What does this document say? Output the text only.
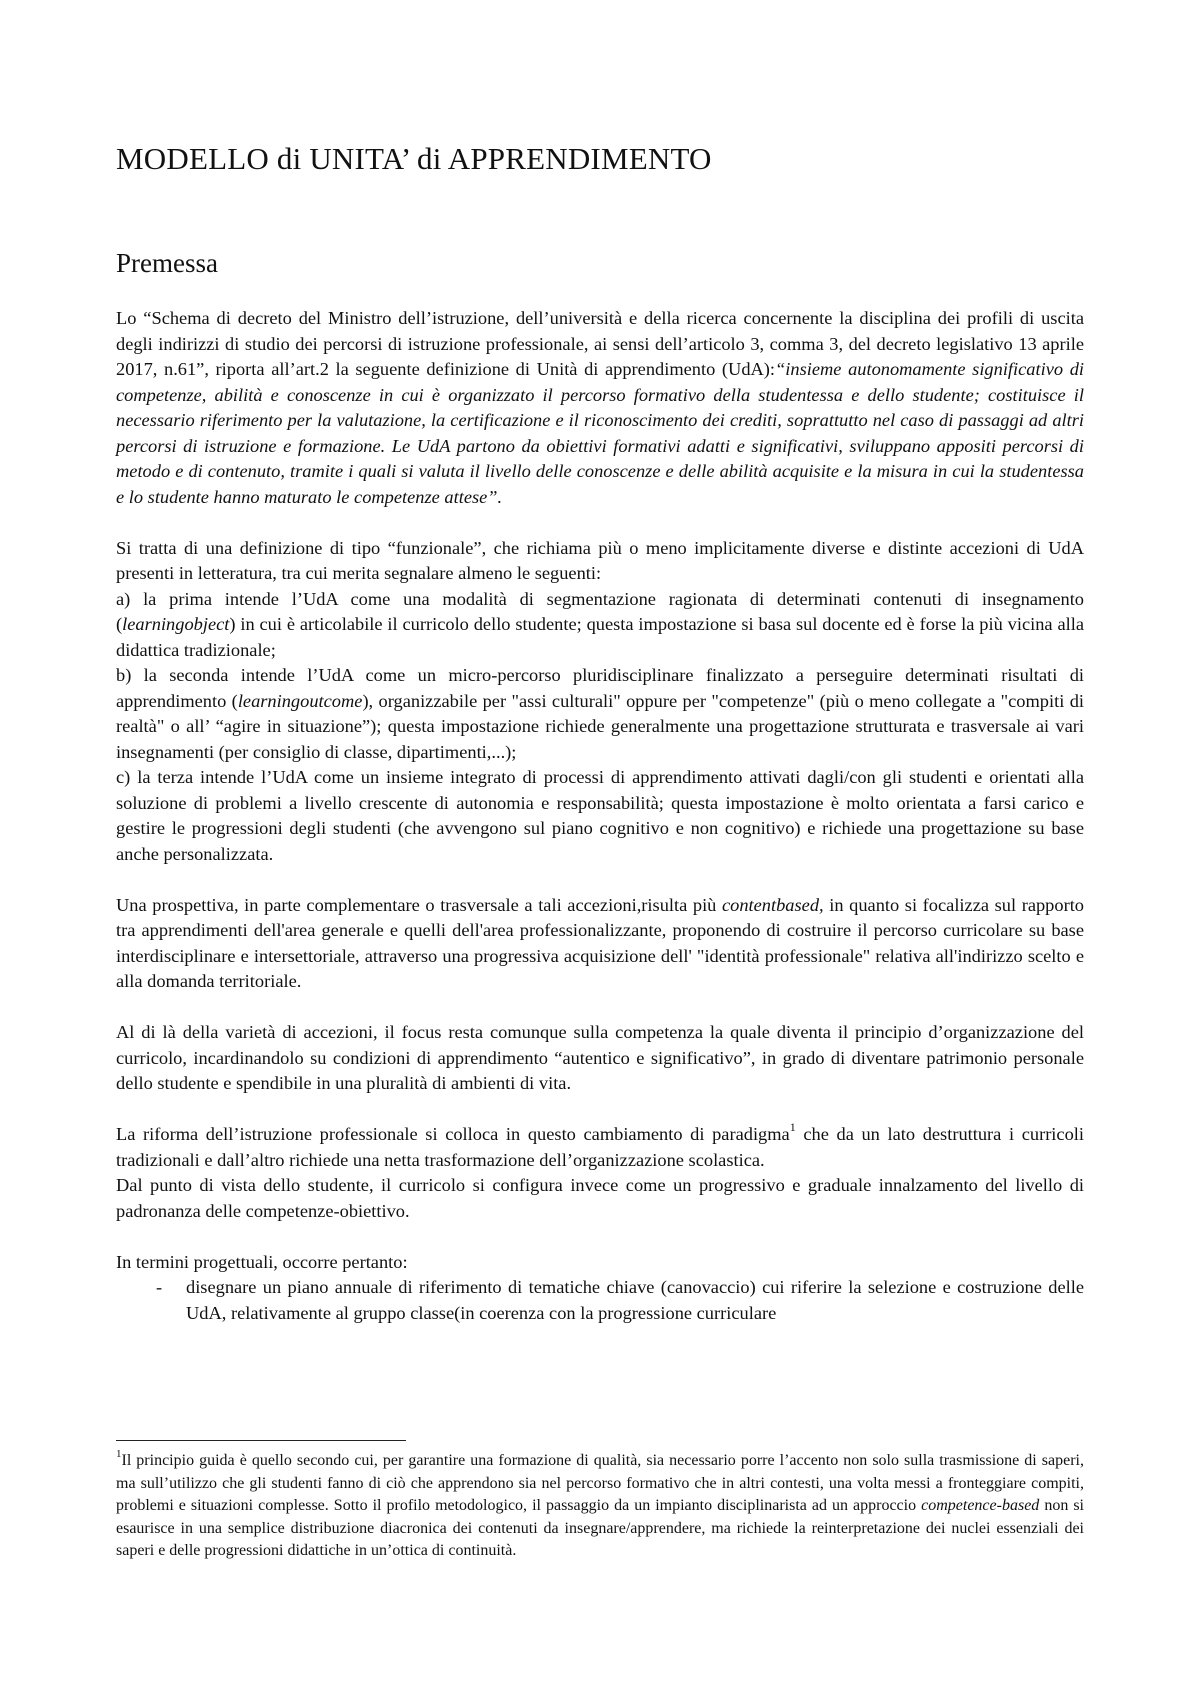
MODELLO di UNITA’ di APPRENDIMENTO
Premessa

Lo “Schema di decreto del Ministro dell’istruzione, dell’università e della ricerca concernente la disciplina dei profili di uscita degli indirizzi di studio dei percorsi di istruzione professionale, ai sensi dell’articolo 3, comma 3, del decreto legislativo 13 aprile 2017, n.61”, riporta all’art.2 la seguente definizione di Unità di apprendimento (UdA):“insieme autonomamente significativo di competenze, abilità e conoscenze in cui è organizzato il percorso formativo della studentessa e dello studente; costituisce il necessario riferimento per la valutazione, la certificazione e il riconoscimento dei crediti, soprattutto nel caso di passaggi ad altri percorsi di istruzione e formazione. Le UdA partono da obiettivi formativi adatti e significativi, sviluppano appositi percorsi di metodo e di contenuto, tramite i quali si valuta il livello delle conoscenze e delle abilità acquisite e la misura in cui la studentessa e lo studente hanno maturato le competenze attese”.

Si tratta di una definizione di tipo “funzionale”, che richiama più o meno implicitamente diverse e distinte accezioni di UdA presenti in letteratura, tra cui merita segnalare almeno le seguenti:

a) la prima intende l’UdA come una modalità di segmentazione ragionata di determinati contenuti di insegnamento (learningobject) in cui è articolabile il curricolo dello studente; questa impostazione si basa sul docente ed è forse la più vicina alla didattica tradizionale;

b) la seconda intende l’UdA come un micro-percorso pluridisciplinare finalizzato a perseguire determinati risultati di apprendimento (learningoutcome), organizzabile per "assi culturali" oppure per "competenze" (più o meno collegate a "compiti di realtà" o all’ “agire in situazione”); questa impostazione richiede generalmente una progettazione strutturata e trasversale ai vari insegnamenti (per consiglio di classe, dipartimenti,...);

c) la terza intende l’UdA come un insieme integrato di processi di apprendimento attivati dagli/con gli studenti e orientati alla soluzione di problemi a livello crescente di autonomia e responsabilità; questa impostazione è molto orientata a farsi carico e gestire le progressioni degli studenti (che avvengono sul piano cognitivo e non cognitivo) e richiede una progettazione su base anche personalizzata.

Una prospettiva, in parte complementare o trasversale a tali accezioni,risulta più contentbased, in quanto si focalizza sul rapporto tra apprendimenti dell'area generale e quelli dell'area professionalizzante, proponendo di costruire il percorso curricolare su base interdisciplinare e intersettoriale, attraverso una progressiva acquisizione dell' "identità professionale" relativa all'indirizzo scelto e alla domanda territoriale.

Al di là della varietà di accezioni, il focus resta comunque sulla competenza la quale diventa il principio d’organizzazione del curricolo, incardinandolo su condizioni di apprendimento “autentico e significativo”, in grado di diventare patrimonio personale dello studente e spendibile in una pluralità di ambienti di vita.

La riforma dell’istruzione professionale si colloca in questo cambiamento di paradigma$^1$ che da un lato destruttura i curricoli tradizionali e dall’altro richiede una netta trasformazione dell’organizzazione scolastica.

Dal punto di vista dello studente, il curricolo si configura invece come un progressivo e graduale innalzamento del livello di padronanza delle competenze-obiettivo.

In termini progettuali, occorre pertanto:

- disegnare un piano annuale di riferimento di tematiche chiave (canovaccio) cui riferire la selezione e costruzione delle UdA, relativamente al gruppo classe(in coerenza con la progressione curriculare
$^1$Il principio guida è quello secondo cui, per garantire una formazione di qualità, sia necessario porre l’accento non solo sulla trasmissione di saperi, ma sull’utilizzo che gli studenti fanno di ciò che apprendono sia nel percorso formativo che in altri contesti, una volta messi a fronteggiare compiti, problemi e situazioni complesse. Sotto il profilo metodologico, il passaggio da un impianto disciplinarista ad un approccio competence-based non si esaurisce in una semplice distribuzione diacronica dei contenuti da insegnare/apprendere, ma richiede la reinterpretazione dei nuclei essenziali dei saperi e delle progressioni didattiche in un’ottica di continuità.
